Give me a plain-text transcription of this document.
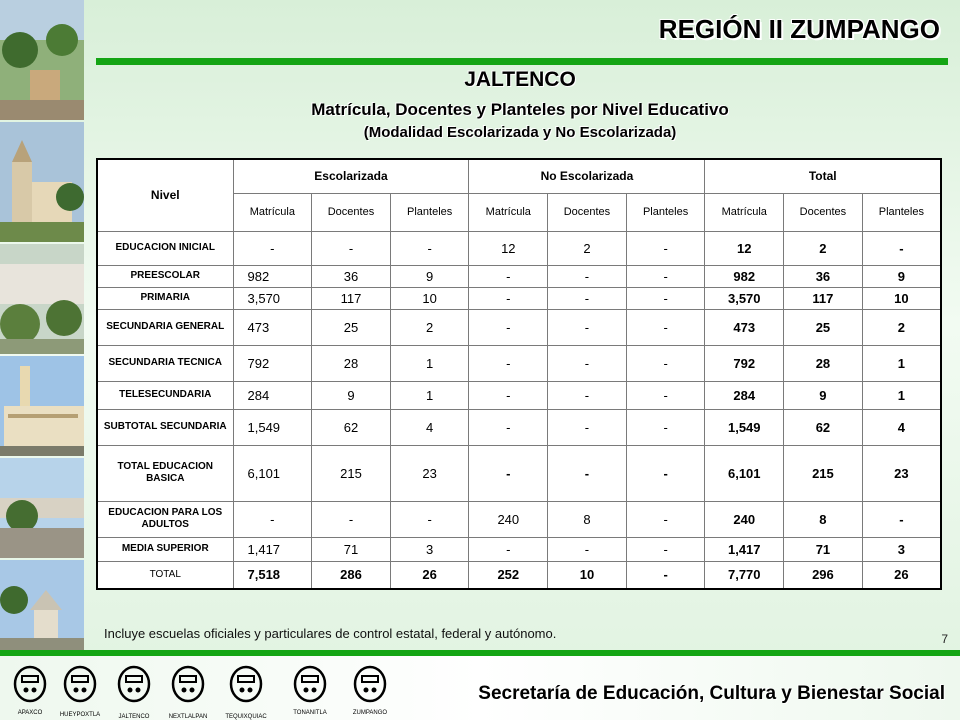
REGIÓN II ZUMPANGO
JALTENCO
Matrícula, Docentes y Planteles por Nivel Educativo
(Modalidad Escolarizada y No Escolarizada)
Nivel	Escolarizada			No Escolarizada			Total		
	Matrícula	Docentes	Planteles	Matrícula	Docentes	Planteles	Matrícula	Docentes	Planteles
EDUCACION INICIAL	-	-	-	12	2	-	12	2	-
PREESCOLAR	982	36	9	-	-	-	982	36	9
PRIMARIA	3,570	117	10	-	-	-	3,570	117	10
SECUNDARIA GENERAL	473	25	2	-	-	-	473	25	2
SECUNDARIA TECNICA	792	28	1	-	-	-	792	28	1
TELESECUNDARIA	284	9	1	-	-	-	284	9	1
SUBTOTAL SECUNDARIA	1,549	62	4	-	-	-	1,549	62	4
TOTAL EDUCACION BASICA	6,101	215	23	-	-	-	6,101	215	23
EDUCACION PARA LOS ADULTOS	-	-	-	240	8	-	240	8	-
MEDIA SUPERIOR	1,417	71	3	-	-	-	1,417	71	3
TOTAL	7,518	286	26	252	10	-	7,770	296	26
Incluye escuelas oficiales y particulares de control estatal, federal y autónomo.	7
APAXCO	HUEYPOXTLA	JALTENCO	NEXTLALPAN	TEQUIXQUIAC
TONANITLA	ZUMPANGO
Secretaría de Educación, Cultura y Bienestar Social
